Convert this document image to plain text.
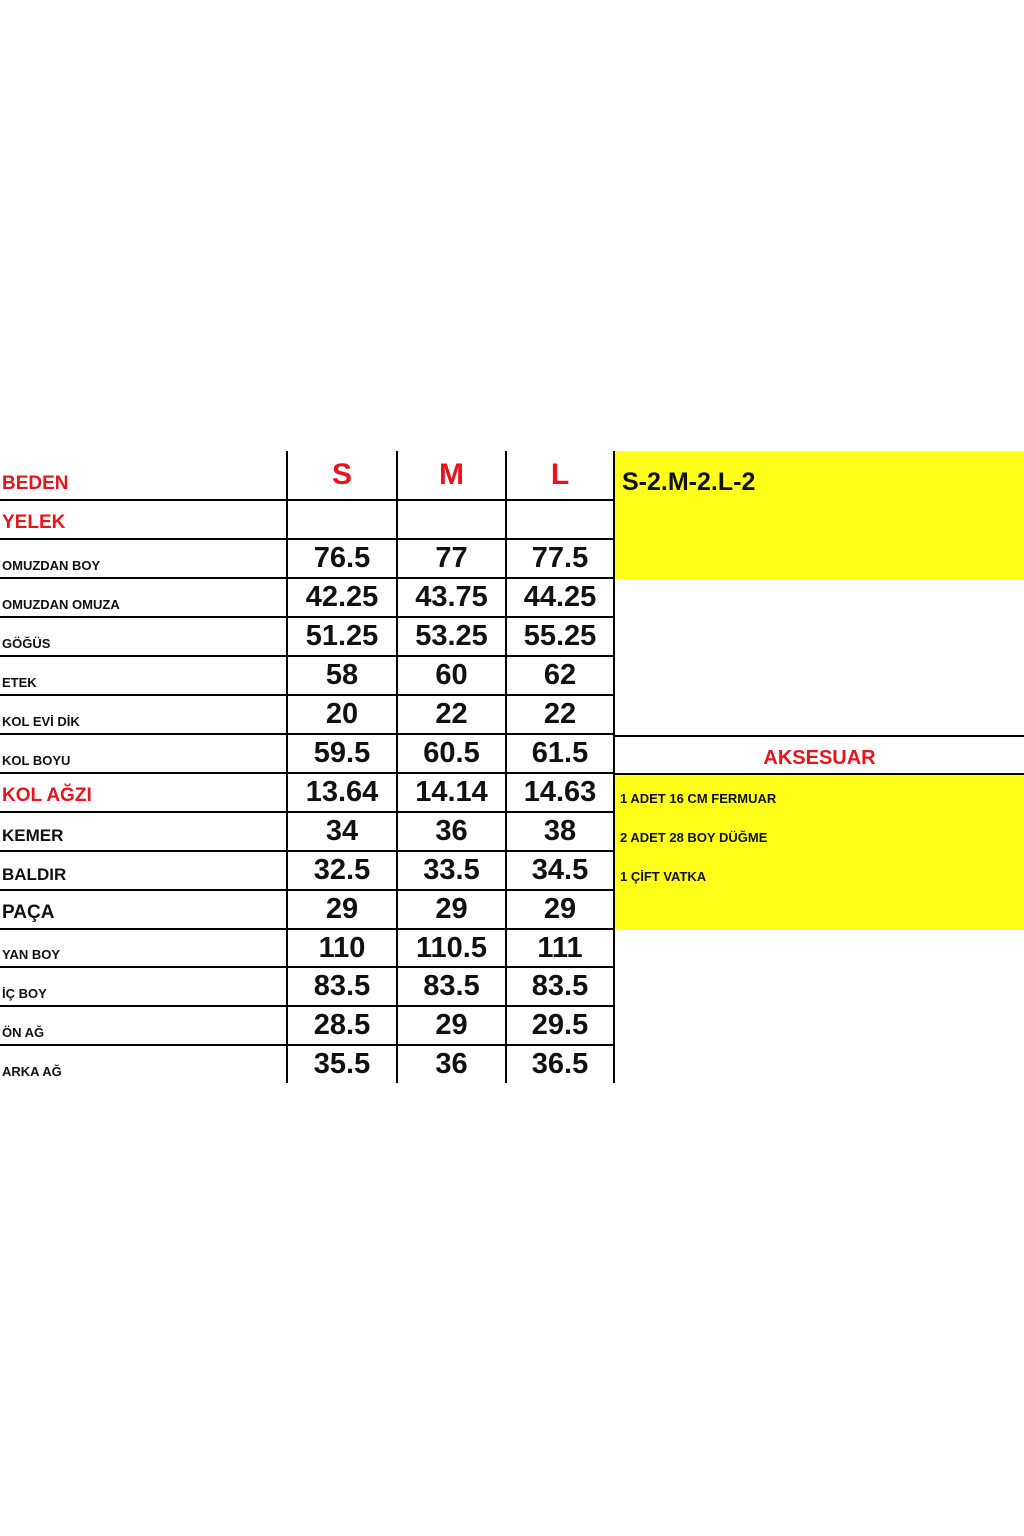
BEDEN	S	M	L
YELEK
OMUZDAN BOY	76.5	77	77.5
OMUZDAN OMUZA	42.25	43.75	44.25
GÖĞÜS	51.25	53.25	55.25
ETEK	58	60	62
KOL EVİ DİK	20	22	22
KOL BOYU	59.5	60.5	61.5
KOL AĞZI	13.64	14.14	14.63
KEMER	34	36	38
BALDIR	32.5	33.5	34.5
PAÇA	29	29	29
YAN BOY	110	110.5	111
İÇ BOY	83.5	83.5	83.5
ÖN AĞ	28.5	29	29.5
ARKA AĞ	35.5	36	36.5
S-2.M-2.L-2
AKSESUAR
1 ADET 16 CM FERMUAR
2 ADET 28 BOY DÜĞME
1 ÇİFT VATKA
